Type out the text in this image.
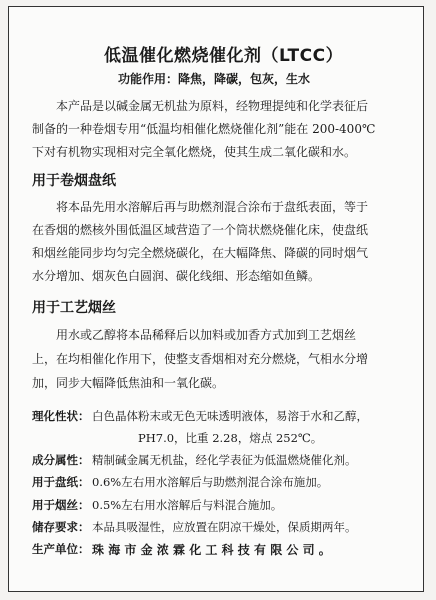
低温催化燃烧催化剂（LTCC）
功能作用：降焦，降碳，包灰，生水
本产品是以碱金属无机盐为原料，经物理提纯和化学表征后
制备的一种卷烟专用“低温均相催化燃烧催化剂”能在 200-400℃
下对有机物实现相对完全氧化燃烧，使其生成二氧化碳和水。
用于卷烟盘纸
将本品先用水溶解后再与助燃剂混合涂布于盘纸表面，等于
在香烟的燃核外围低温区域营造了一个筒状燃烧催化床，使盘纸
和烟丝能同步均匀完全燃烧碳化，在大幅降焦、降碳的同时烟气
水分增加、烟灰色白圆润、碳化线细、形态缩如鱼鳞。
用于工艺烟丝
用水或乙醇将本品稀释后以加料或加香方式加到工艺烟丝
上，在均相催化作用下，使整支香烟相对充分燃烧，气相水分增
加，同步大幅降低焦油和一氧化碳。
理化性状： 白色晶体粉末或无色无味透明液体，易溶于水和乙醇，
PH7.0，比重 2.28，熔点 252℃。
成分属性： 精制碱金属无机盐，经化学表征为低温燃烧催化剂。
用于盘纸： 0.6%左右用水溶解后与助燃剂混合涂布施加。
用于烟丝： 0.5%左右用水溶解后与料混合施加。
储存要求： 本品具吸湿性，应放置在阴凉干燥处，保质期两年。
生产单位： 珠海市金浓霖化工科技有限公司。
